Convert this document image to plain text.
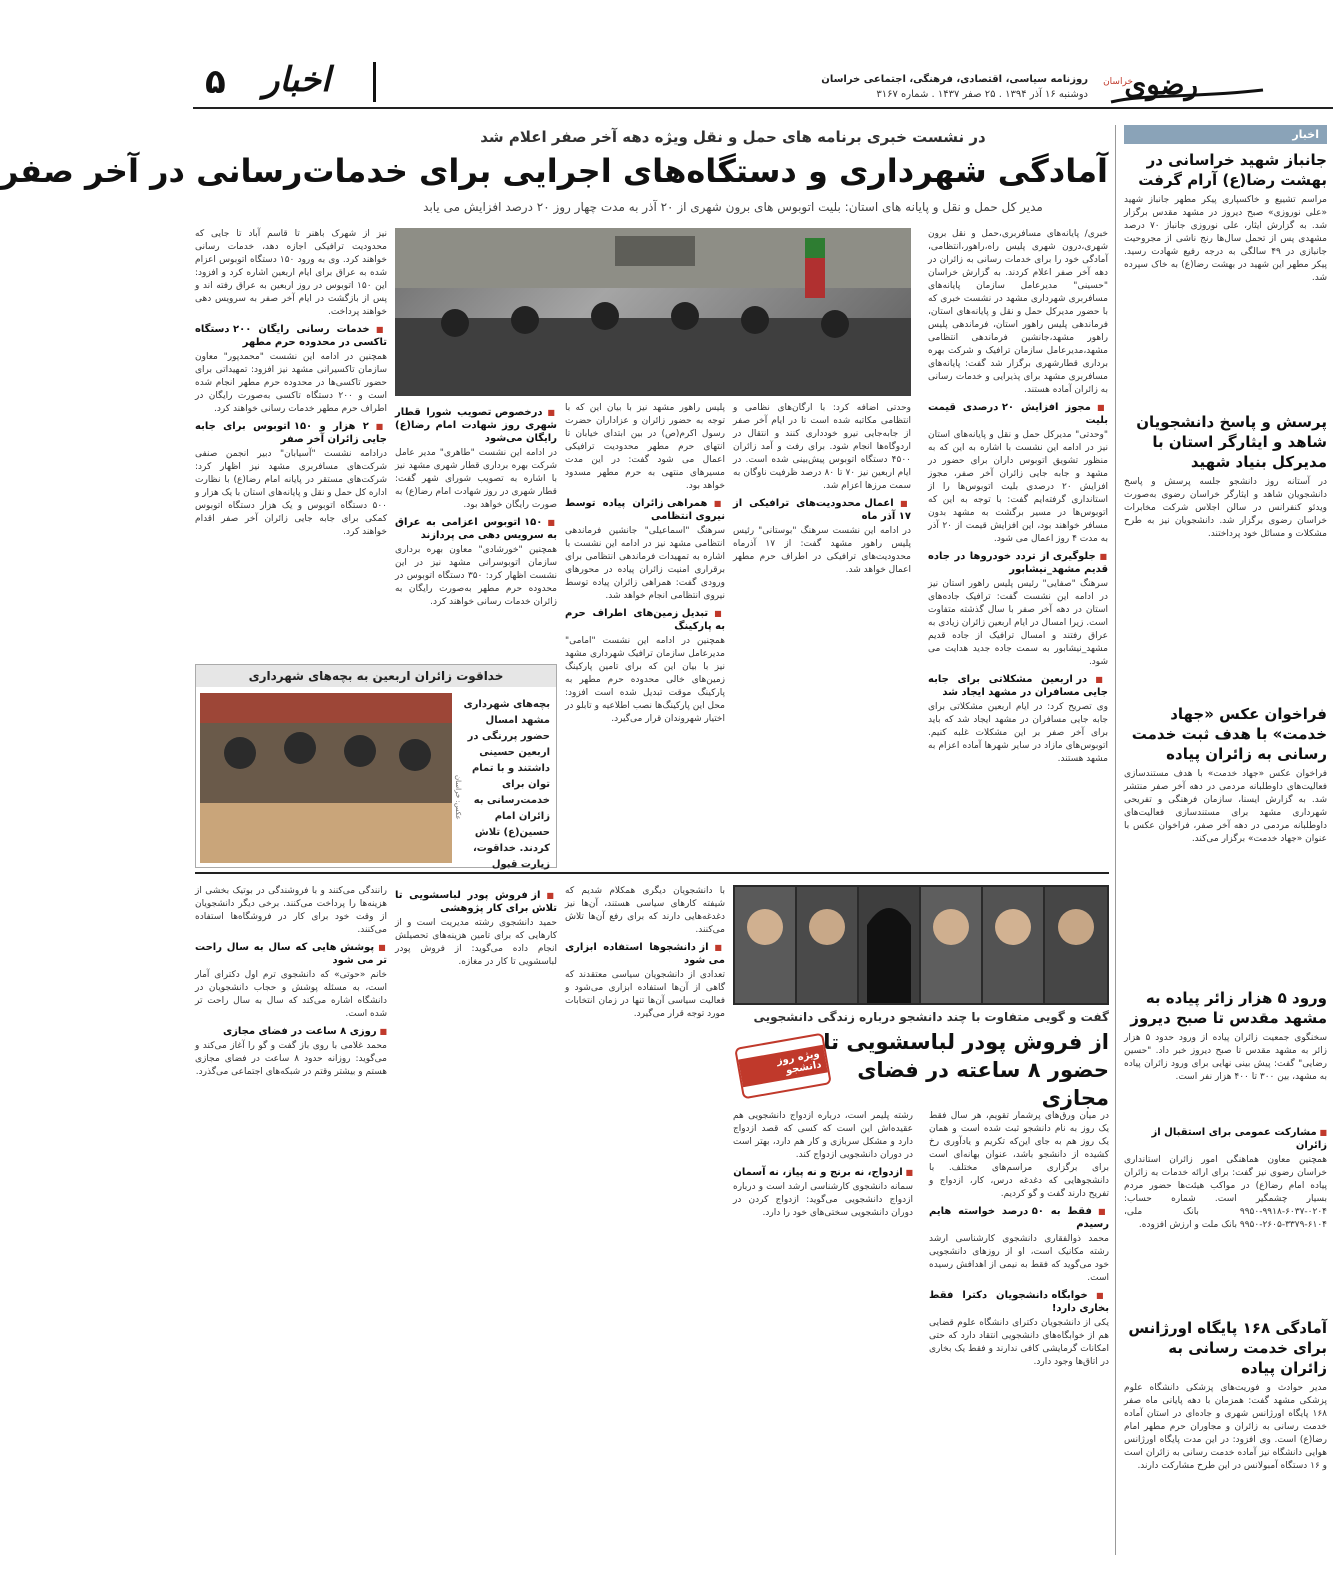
۵ اخبار	روزنامه سیاسی، اقتصادی، فرهنگی، اجتماعی خراسان
دوشنبه ۱۶ آذر ۱۳۹۴ . ۲۵ صفر ۱۴۳۷ . شماره ۳۱۶۷ رضوی
خراسان
اخبار
جانباز شهید خراسانی در بهشت رضا(ع) آرام گرفت
مراسم تشییع و خاکسپاری پیکر مطهر جانباز شهید «علی نوروزی» صبح دیروز در مشهد مقدس برگزار شد. به گزارش ایثار، علی نوروزی جانباز ۷۰ درصد مشهدی پس از تحمل سال‌ها رنج ناشی از مجروحیت جانبازی در ۴۹ سالگی به درجه رفیع شهادت رسید. پیکر مطهر این شهید در بهشت رضا(ع) به خاک سپرده شد.
پرسش و پاسخ دانشجویان شاهد و ایثارگر استان با مدیرکل بنیاد شهید
در آستانه روز دانشجو جلسه پرسش و پاسخ دانشجویان شاهد و ایثارگر خراسان رضوی به‌صورت ویدئو کنفرانس در سالن اجلاس شرکت مخابرات خراسان رضوی برگزار شد. دانشجویان نیز به طرح مشکلات و مسائل خود پرداختند.
فراخوان عکس «جهاد خدمت» با هدف ثبت خدمت رسانی به زائران پیاده
فراخوان عکس «جهاد خدمت» با هدف مستندسازی فعالیت‌های داوطلبانه مردمی در دهه آخر صفر منتشر شد. به گزارش ایسنا، سازمان فرهنگی و تفریحی شهرداری مشهد برای مستندسازی فعالیت‌های داوطلبانه مردمی در دهه آخر صفر، فراخوان عکس با عنوان «جهاد خدمت» برگزار می‌کند.
ورود ۵ هزار زائر پیاده به مشهد مقدس تا صبح دیروز
سخنگوی جمعیت زائران پیاده از ورود حدود ۵ هزار زائر به مشهد مقدس تا صبح دیروز خبر داد. "حسین رضایی" گفت: پیش بینی نهایی برای ورود زائران پیاده به مشهد، بین ۳۰۰ تا ۴۰۰ هزار نفر است.
■ مشارکت عمومی برای استقبال از زائران
همچنین معاون هماهنگی امور زائران استانداری خراسان رضوی نیز گفت: برای ارائه خدمات به زائران پیاده امام رضا(ع) در مواکب هیئت‌ها حضور مردم بسیار چشمگیر است. شماره حساب: ۰۲۰۴-۶۰۳۷-۹۹۱۸-۹۹۵۰ بانک ملی، ۶۱۰۴-۳۳۷۹-۲۶۰۵-۹۹۵۰ بانک ملت و ارزش افزوده.
آمادگی ۱۶۸ پایگاه اورژانس برای خدمت رسانی به زائران پیاده
مدیر حوادث و فوریت‌های پزشکی دانشگاه علوم پزشکی مشهد گفت: همزمان با دهه پایانی ماه صفر ۱۶۸ پایگاه اورژانس شهری و جاده‌ای در استان آماده خدمت رسانی به زائران و مجاوران حرم مطهر امام رضا(ع) است. وی افزود: در این مدت پایگاه اورژانس هوایی دانشگاه نیز آماده خدمت رسانی به زائران است و ۱۶ دستگاه آمبولانس در این طرح مشارکت دارند.
در نشست خبری برنامه های حمل و نقل ویژه دهه آخر صفر اعلام شد
آمادگی شهرداری و دستگاه‌های اجرایی برای خدمات‌رسانی در آخر صفر
مدیر کل حمل و نقل و پایانه های استان: بلیت اتوبوس های برون شهری از ۲۰ آذر به مدت چهار روز ۲۰ درصد افزایش می یابد

خبری/ پایانه‌های مسافربری،حمل و نقل برون شهری،درون شهری پلیس راه،راهور،انتظامی، آمادگی خود را برای خدمات رسانی به زائران در دهه آخر صفر اعلام کردند. به گزارش خراسان "حسینی" مدیرعامل سازمان پایانه‌های مسافربری شهرداری مشهد در نشست خبری که با حضور مدیرکل حمل و نقل و پایانه‌های استان، فرماندهی پلیس راهور استان، فرماندهی پلیس راهور مشهد،جانشین فرماندهی انتظامی مشهد،مدیرعامل سازمان ترافیک و شرکت بهره برداری قطارشهری برگزار شد گفت: پایانه‌های مسافربری مشهد برای پذیرایی و خدمات رسانی به زائران آماده هستند.

■ مجوز افزایش ۲۰ درصدی قیمت بلیت

"وحدتی" مدیرکل حمل و نقل و پایانه‌های استان نیز در ادامه این نشست با اشاره به این که به منظور تشویق اتوبوس داران برای حضور در مشهد و جابه جایی زائران آخر صفر، مجوز افزایش ۲۰ درصدی بلیت اتوبوس‌ها را از استانداری گرفته‌ایم گفت: با توجه به این که اتوبوس‌ها در مسیر برگشت به مشهد بدون مسافر خواهند بود، این افزایش قیمت از ۲۰ آذر به مدت ۴ روز اعمال می شود.

■ جلوگیری از تردد خودروها در جاده قدیم مشهد_نیشابور

سرهنگ "صفایی" رئیس پلیس راهور استان نیز در ادامه این نشست گفت: ترافیک جاده‌های استان در دهه آخر صفر با سال گذشته متفاوت است. زیرا امسال در ایام اربعین زائران زیادی به عراق رفتند و امسال ترافیک از جاده قدیم مشهد_نیشابور به سمت جاده جدید هدایت می شود.

■ در اربعین مشکلاتی برای جابه جایی مسافران در مشهد ایجاد شد

وی تصریح کرد: در ایام اربعین مشکلاتی برای جابه جایی مسافران در مشهد ایجاد شد که باید برای آخر صفر بر این مشکلات غلبه کنیم. اتوبوس‌های مازاد در سایر شهرها آماده اعزام به مشهد هستند.

وحدتی اضافه کرد: با ارگان‌های نظامی و انتظامی مکاتبه شده است تا در ایام آخر صفر از جابه‌جایی نیرو خودداری کنند و انتقال در اردوگاه‌ها انجام شود. برای رفت و آمد زائران ۴۵۰۰ دستگاه اتوبوس پیش‌بینی شده است. در ایام اربعین نیز ۷۰ تا ۸۰ درصد ظرفیت ناوگان به سمت مرزها اعزام شد.

■ اعمال محدودیت‌های ترافیکی از ۱۷ آذر ماه

در ادامه این نشست سرهنگ "بوستانی" رئیس پلیس راهور مشهد گفت: از ۱۷ آذرماه محدودیت‌های ترافیکی در اطراف حرم مطهر اعمال خواهد شد.

پلیس راهور مشهد نیز با بیان این که با توجه به حضور زائران و عزاداران حضرت رسول اکرم(ص) در بین ابتدای خیابان تا انتهای حرم مطهر محدودیت ترافیکی اعمال می شود گفت: در این مدت مسیرهای منتهی به حرم مطهر مسدود خواهد بود.

■ همراهی زائران پیاده توسط نیروی انتظامی

سرهنگ "اسماعیلی" جانشین فرماندهی انتظامی مشهد نیز در ادامه این نشست با اشاره به تمهیدات فرماندهی انتظامی برای برقراری امنیت زائران پیاده در محورهای ورودی گفت: همراهی زائران پیاده توسط نیروی انتظامی انجام خواهد شد.

■ تبدیل زمین‌های اطراف حرم به پارکینگ

همچنین در ادامه این نشست "امامی" مدیرعامل سازمان ترافیک شهرداری مشهد نیز با بیان این که برای تامین پارکینگ زمین‌های خالی محدوده حرم مطهر به پارکینگ موقت تبدیل شده است افزود: محل این پارکینگ‌ها نصب اطلاعیه و تابلو در اختیار شهروندان قرار می‌گیرد.

■ درخصوص تصویب شورا قطار شهری روز شهادت امام رضا(ع) رایگان می‌شود

در ادامه این نشست "طاهری" مدیر عامل شرکت بهره برداری قطار شهری مشهد نیز با اشاره به تصویب شورای شهر گفت: قطار شهری در روز شهادت امام رضا(ع) به صورت رایگان خواهد بود.

■ ۱۵۰ اتوبوس اعزامی به عراق به سرویس دهی می پردازند

همچنین "خورشادی" معاون بهره برداری سازمان اتوبوسرانی مشهد نیز در این نشست اظهار کرد: ۳۵۰ دستگاه اتوبوس در محدوده حرم مطهر به‌صورت رایگان به زائران خدمات رسانی خواهند کرد.

نیز از شهرک باهنر تا قاسم آباد تا جایی که محدودیت ترافیکی اجازه دهد، خدمات رسانی خواهند کرد. وی به ورود ۱۵۰ دستگاه اتوبوس اعزام شده به عراق برای ایام اربعین اشاره کرد و افزود: این ۱۵۰ اتوبوس در روز اربعین به عراق رفته اند و پس از بازگشت در ایام آخر صفر به سرویس دهی خواهند پرداخت.

■ خدمات رسانی رایگان ۲۰۰ دستگاه تاکسی در محدوده حرم مطهر

همچنین در ادامه این نشست "محمدپور" معاون سازمان تاکسیرانی مشهد نیز افزود: تمهیداتی برای حضور تاکسی‌ها در محدوده حرم مطهر انجام شده است و ۲۰۰ دستگاه تاکسی به‌صورت رایگان در اطراف حرم مطهر خدمات رسانی خواهند کرد.

■ ۲ هزار و ۱۵۰ اتوبوس برای جابه جایی زائران آخر صفر

درادامه نشست "آسیابان" دبیر انجمن صنفی شرکت‌های مسافربری مشهد نیز اظهار کرد: شرکت‌های مستقر در پایانه امام رضا(ع) با نظارت اداره کل حمل و نقل و پایانه‌های استان با یک هزار و ۵۰۰ دستگاه اتوبوس و یک هزار دستگاه اتوبوس کمکی برای جابه جایی زائران آخر صفر اقدام خواهند کرد.

خداقوت زائران اربعین به بچه‌های شهرداری
عکس: خراسان
بچه‌های شهرداری مشهد امسال حضور پررنگی در اربعین حسینی داشتند و با تمام توان برای خدمت‌رسانی به زائران امام حسین(ع) تلاش کردند. خداقوت، زیارت قبول
گفت و گویی متفاوت با چند دانشجو درباره زندگی دانشجویی
از فروش پودر لباسشویی تا حضور ۸ ساعته در فضای مجازی
ویژه روز دانشجو

در میان ورق‌های پرشمار تقویم، هر سال فقط یک روز به نام دانشجو ثبت شده است و همان یک روز هم به جای این‌که تکریم و یادآوری رخ کشیده از دانشجو باشد، عنوان بهانه‌ای است برای برگزاری مراسم‌های مختلف. با دانشجوهایی که دغدغه درس، کار، ازدواج و تفریح دارند گفت و گو کردیم.

■ فقط به ۵۰ درصد خواسته هایم رسیدم

محمد ذوالفقاری دانشجوی کارشناسی ارشد رشته مکانیک است، او از روزهای دانشجویی خود می‌گوید که فقط به نیمی از اهدافش رسیده است.

■ خوابگاه دانشجویان دکترا فقط بخاری دارد!

یکی از دانشجویان دکترای دانشگاه علوم قضایی هم از خوابگاه‌های دانشجویی انتقاد دارد که حتی امکانات گرمایشی کافی ندارند و فقط یک بخاری در اتاق‌ها وجود دارد.

رشته پلیمر است، درباره ازدواج دانشجویی هم عقیده‌اش این است که کسی که قصد ازدواج دارد و مشکل سربازی و کار هم دارد، بهتر است در دوران دانشجویی ازدواج کند.

■ ازدواج، نه برنج و نه پیاز، نه آسمان

سمانه دانشجوی کارشناسی ارشد است و درباره ازدواج دانشجویی می‌گوید: ازدواج کردن در دوران دانشجویی سختی‌های خود را دارد.

با دانشجویان دیگری همکلام شدیم که شیفته کارهای سیاسی هستند، آن‌ها نیز دغدغه‌هایی دارند که برای رفع آن‌ها تلاش می‌کنند.

■ از دانشجوها استفاده ابزاری می شود

تعدادی از دانشجویان سیاسی معتقدند که گاهی از آن‌ها استفاده ابزاری می‌شود و فعالیت سیاسی آن‌ها تنها در زمان انتخابات مورد توجه قرار می‌گیرد.

■ از فروش پودر لباسشویی تا تلاش برای کار پژوهشی

حمید دانشجوی رشته مدیریت است و از کارهایی که برای تامین هزینه‌های تحصیلش انجام داده می‌گوید: از فروش پودر لباسشویی تا کار در مغازه.

رانندگی می‌کنند و با فروشندگی در بوتیک بخشی از هزینه‌ها را پرداخت می‌کنند. برخی دیگر دانشجویان از وقت خود برای کار در فروشگاه‌ها استفاده می‌کنند.

■ پوشش هایی که سال به سال راحت تر می شود

خانم «حوتی» که دانشجوی ترم اول دکترای آمار است، به مسئله پوشش و حجاب دانشجویان در دانشگاه اشاره می‌کند که سال به سال راحت تر شده است.

■ روزی ۸ ساعت در فضای مجازی

محمد غلامی با روی باز گفت و گو را آغاز می‌کند و می‌گوید: روزانه حدود ۸ ساعت در فضای مجازی هستم و بیشتر وقتم در شبکه‌های اجتماعی می‌گذرد.
